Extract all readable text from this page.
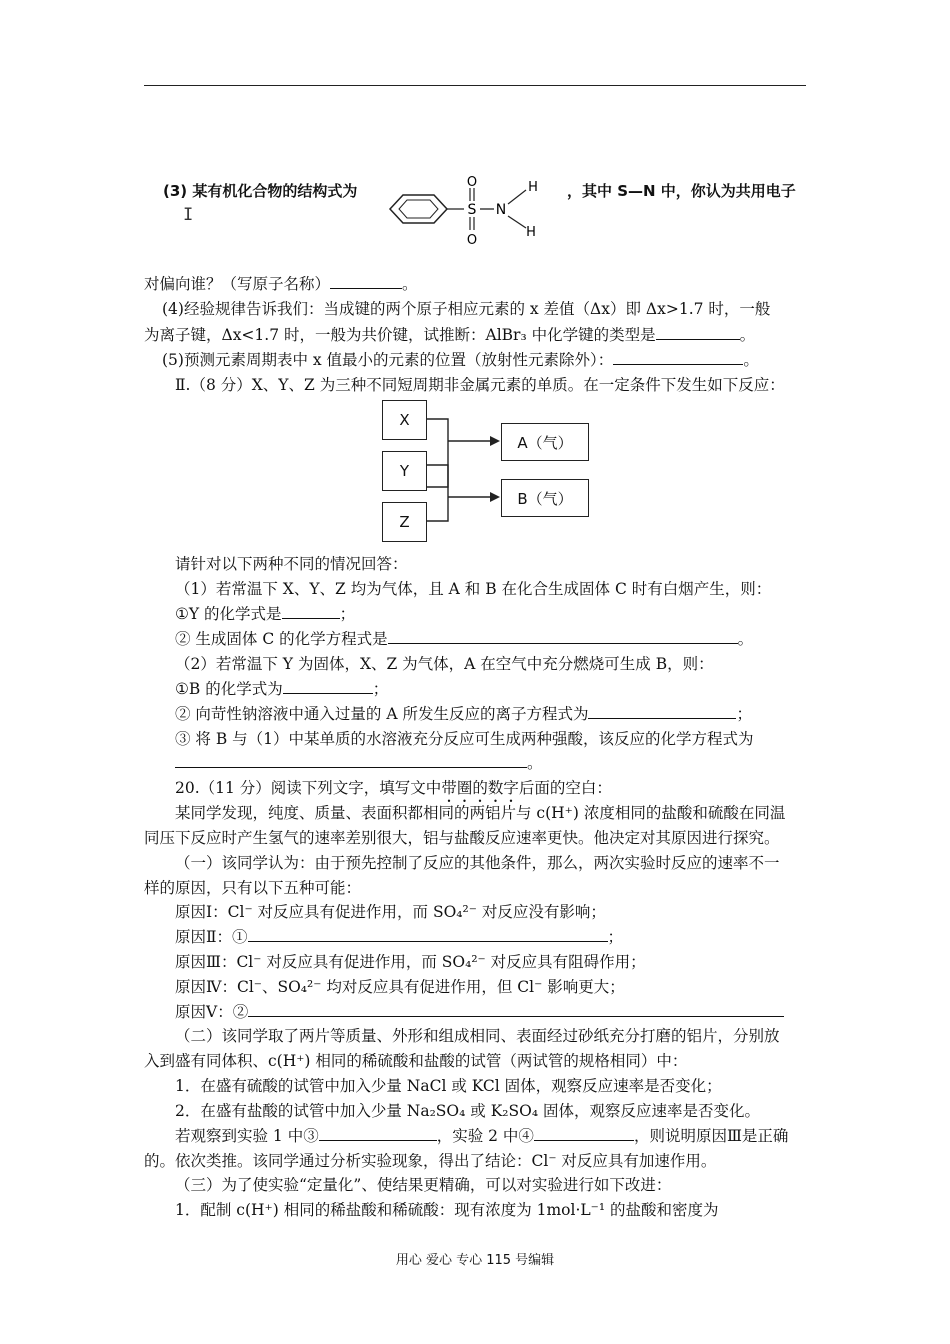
(3) 某有机化合物的结构式为
I	S
O
O
N
H
H
，其中 S—N 中，你认为共用电子
对偏向谁？（写原子名称）	。
(4)经验规律告诉我们：当成键的两个原子相应元素的 x 差值（Δx）即 Δx>1.7 时，一般
为离子键，Δx<1.7 时，一般为共价键，试推断：AlBr₃ 中化学键的类型是	。
(5)预测元素周期表中 x 值最小的元素的位置（放射性元素除外）：	。
Ⅱ.（8 分）X、Y、Z 为三种不同短周期非金属元素的单质。在一定条件下发生如下反应：
X
Y
Z
A（气）
B（气）
请针对以下两种不同的情况回答：
（1）若常温下 X、Y、Z 均为气体，且 A 和 B 在化合生成固体 C 时有白烟产生，则：
①Y 的化学式是	；
② 生成固体 C 的化学方程式是	。
（2）若常温下 Y 为固体，X、Z 为气体，A 在空气中充分燃烧可生成 B，则：
①B 的化学式为	；
② 向苛性钠溶液中通入过量的 A 所发生反应的离子方程式为	；
③ 将 B 与（1）中某单质的水溶液充分反应可生成两种强酸，该反应的化学方程式为
。
20.（11 分）阅读下列文字，填写文中带圈的数字后面的空白：
某同学发现，纯度、质量、表面积都相同的两铝片与 c(H⁺) 浓度相同的盐酸和硫酸在同温
同压下反应时产生氢气的速率差别很大，铝与盐酸反应速率更快。他决定对其原因进行探究。
（一）该同学认为：由于预先控制了反应的其他条件，那么，两次实验时反应的速率不一
样的原因，只有以下五种可能：
原因Ⅰ：Cl⁻ 对反应具有促进作用，而 SO₄²⁻ 对反应没有影响；
原因Ⅱ：①	；
原因Ⅲ：Cl⁻ 对反应具有促进作用，而 SO₄²⁻ 对反应具有阻碍作用；
原因Ⅳ：Cl⁻、SO₄²⁻ 均对反应具有促进作用，但 Cl⁻ 影响更大；
原因Ⅴ：②
（二）该同学取了两片等质量、外形和组成相同、表面经过砂纸充分打磨的铝片，分别放
入到盛有同体积、c(H⁺) 相同的稀硫酸和盐酸的试管（两试管的规格相同）中：
1．在盛有硫酸的试管中加入少量 NaCl 或 KCl 固体，观察反应速率是否变化；
2．在盛有盐酸的试管中加入少量 Na₂SO₄ 或 K₂SO₄ 固体，观察反应速率是否变化。
若观察到实验 1 中③	，实验 2 中④	，则说明原因Ⅲ是正确
的。依次类推。该同学通过分析实验现象，得出了结论：Cl⁻ 对反应具有加速作用。
（三）为了使实验“定量化”、使结果更精确，可以对实验进行如下改进：
1．配制 c(H⁺) 相同的稀盐酸和稀硫酸：现有浓度为 1mol·L⁻¹ 的盐酸和密度为
用心 爱心 专心 115 号编辑
